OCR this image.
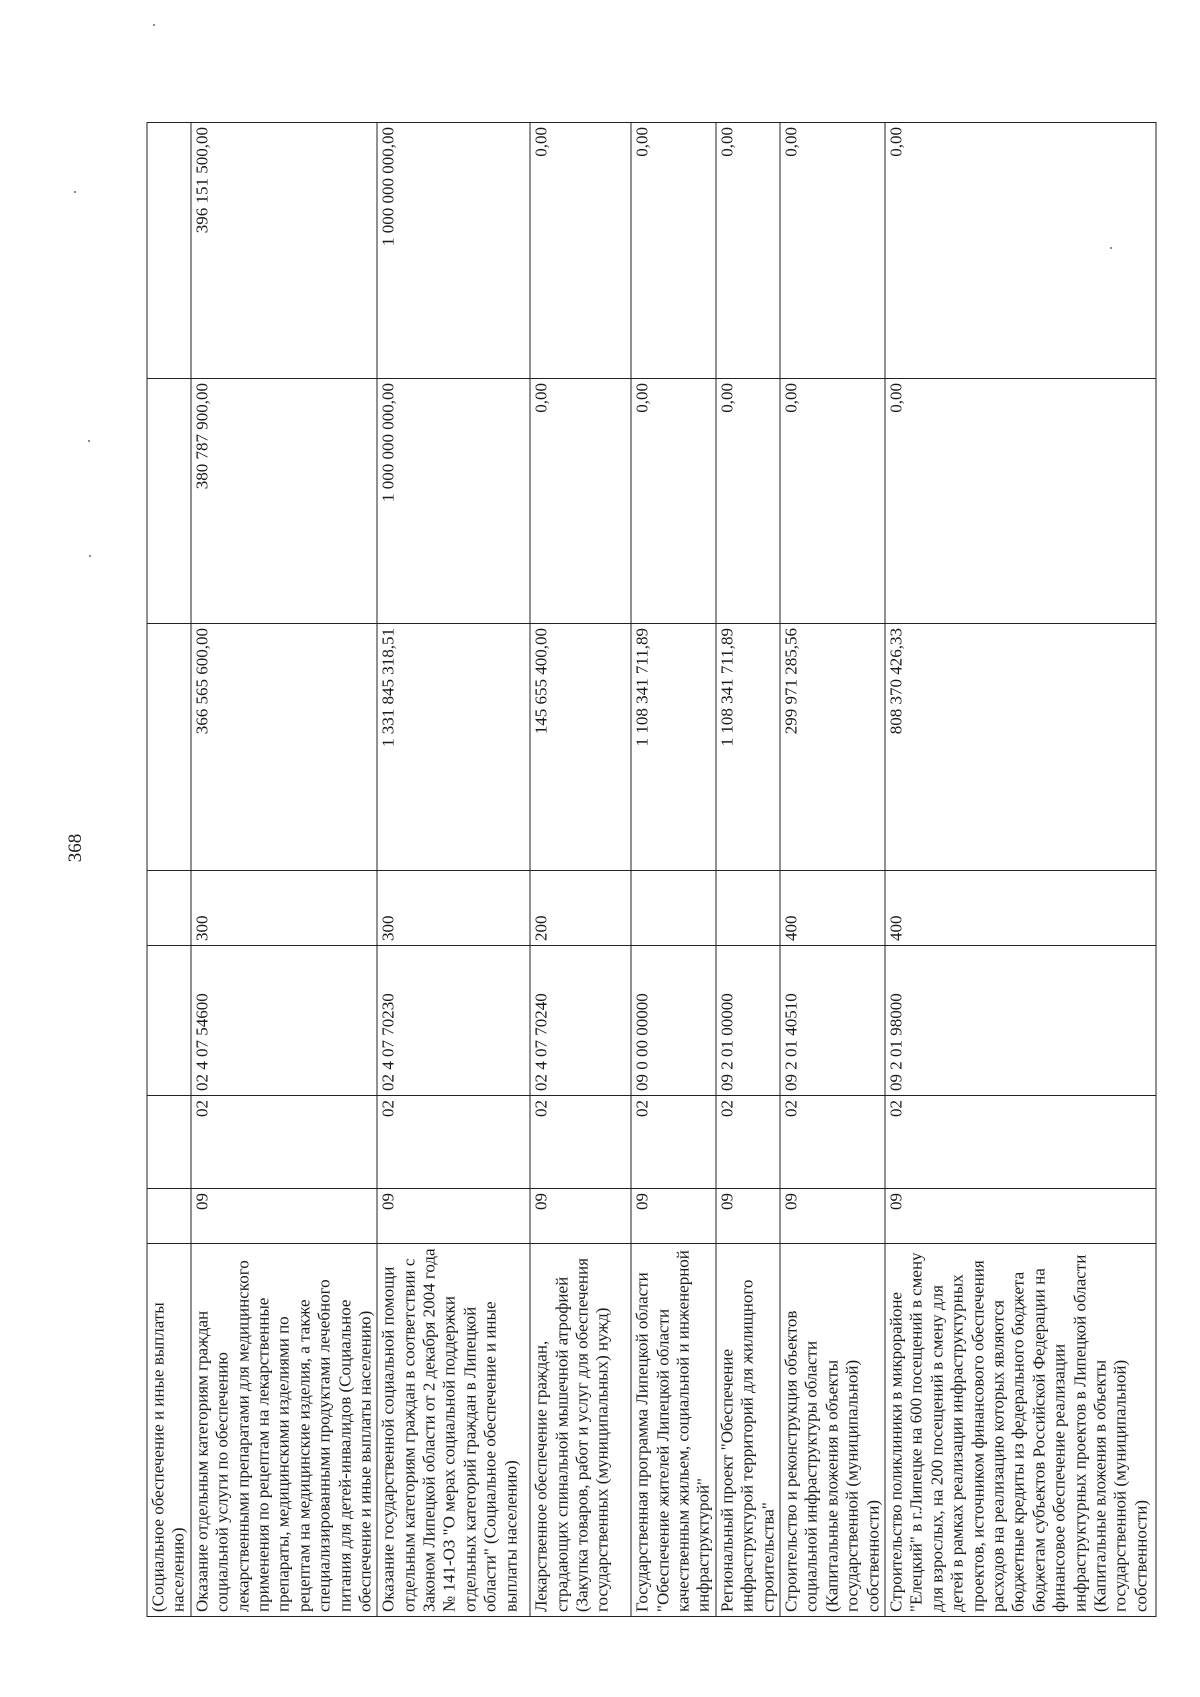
368
(Социальное обеспечение и иные выплаты населению)							
Оказание отдельным категориям граждан социальной услуги по обеспечению лекарственными препаратами для медицинского применения по рецептам на лекарственные препараты, медицинскими изделиями по рецептам на медицинские изделия, а также специализированными продуктами лечебного питания для детей-инвалидов (Социальное обеспечение и иные выплаты населению)	09	02	02 4 07 54600	300	366 565 600,00	380 787 900,00	396 151 500,00
Оказание государственной социальной помощи отдельным категориям граждан в соответствии с Законом Липецкой области от 2 декабря 2004 года № 141-ОЗ "О мерах социальной поддержки отдельных категорий граждан в Липецкой области" (Социальное обеспечение и иные выплаты населению)	09	02	02 4 07 70230	300	1 331 845 318,51	1 000 000 000,00	1 000 000 000,00
Лекарственное обеспечение граждан, страдающих спинальной мышечной атрофией (Закупка товаров, работ и услуг для обеспечения государственных (муниципальных) нужд)	09	02	02 4 07 70240	200	145 655 400,00	0,00	0,00
Государственная программа Липецкой области "Обеспечение жителей Липецкой области качественным жильем, социальной и инженерной инфраструктурой"	09	02	09 0 00 00000		1 108 341 711,89	0,00	0,00
Региональный проект "Обеспечение инфраструктурой территорий для жилищного строительства"	09	02	09 2 01 00000		1 108 341 711,89	0,00	0,00
Строительство и реконструкция объектов социальной инфраструктуры области (Капитальные вложения в объекты государственной (муниципальной) собственности)	09	02	09 2 01 40510	400	299 971 285,56	0,00	0,00
Строительство поликлиники в микрорайоне "Елецкий" в г.Липецке на 600 посещений в смену для взрослых, на 200 посещений в смену для детей в рамках реализации инфраструктурных проектов, источником финансового обеспечения расходов на реализацию которых являются бюджетные кредиты из федерального бюджета бюджетам субъектов Российской Федерации на финансовое обеспечение реализации инфраструктурных проектов в Липецкой области (Капитальные вложения в объекты государственной (муниципальной) собственности)	09	02	09 2 01 98000	400	808 370 426,33	0,00	0,00
